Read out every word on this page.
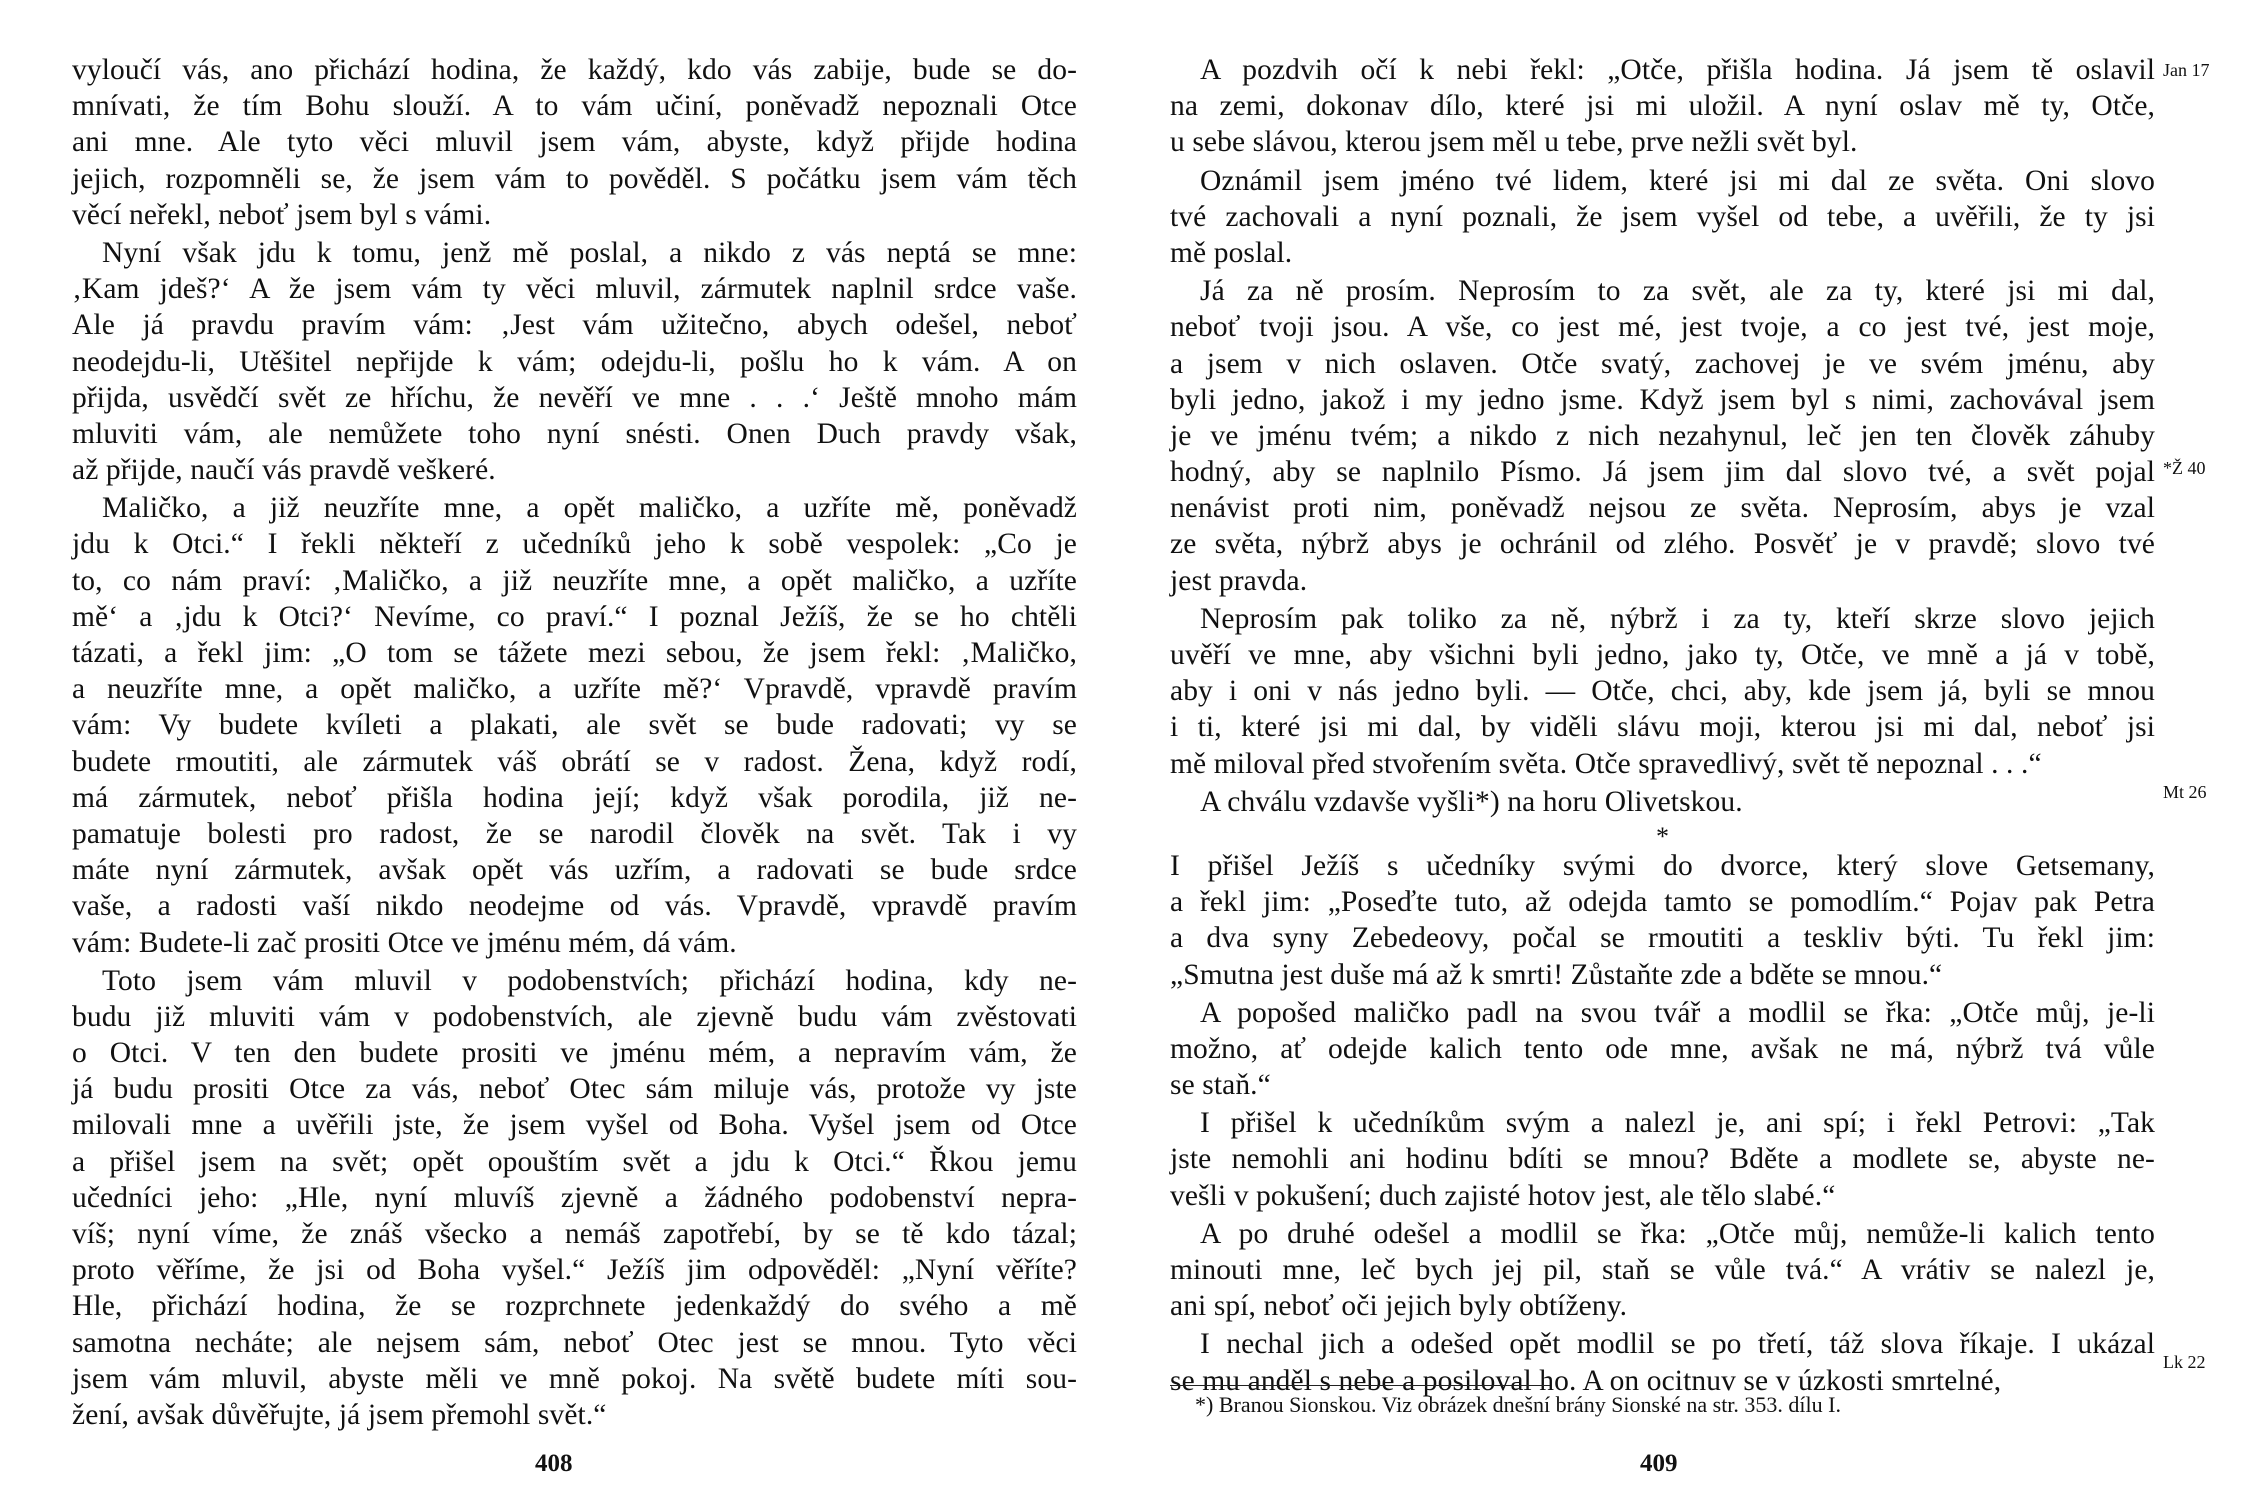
vyloučí vás, ano přichází hodina, že každý, kdo vás zabije, bude se do-
mnívati, že tím Bohu slouží. A to vám učiní, poněvadž nepoznali Otce
ani mne. Ale tyto věci mluvil jsem vám, abyste, když přijde hodina
jejich, rozpomněli se, že jsem vám to pověděl. S počátku jsem vám těch
věcí neřekl, neboť jsem byl s vámi.
Nyní však jdu k tomu, jenž mě poslal, a nikdo z vás neptá se mne:
‚Kam jdeš?‘ A že jsem vám ty věci mluvil, zármutek naplnil srdce vaše.
Ale já pravdu pravím vám: ‚Jest vám užitečno, abych odešel, neboť
neodejdu-li, Utěšitel nepřijde k vám; odejdu-li, pošlu ho k vám. A on
přijda, usvědčí svět ze hříchu, že nevěří ve mne . . .‘ Ještě mnoho mám
mluviti vám, ale nemůžete toho nyní snésti. Onen Duch pravdy však,
až přijde, naučí vás pravdě veškeré.
Maličko, a již neuzříte mne, a opět maličko, a uzříte mě, poněvadž
jdu k Otci.“ I řekli někteří z učedníků jeho k sobě vespolek: „Co je
to, co nám praví: ‚Maličko, a již neuzříte mne, a opět maličko, a uzříte
mě‘ a ‚jdu k Otci?‘ Nevíme, co praví.“ I poznal Ježíš, že se ho chtěli
tázati, a řekl jim: „O tom se tážete mezi sebou, že jsem řekl: ‚Maličko,
a neuzříte mne, a opět maličko, a uzříte mě?‘ Vpravdě, vpravdě pravím
vám: Vy budete kvíleti a plakati, ale svět se bude radovati; vy se
budete rmoutiti, ale zármutek váš obrátí se v radost. Žena, když rodí,
má zármutek, neboť přišla hodina její; když však porodila, již ne-
pamatuje bolesti pro radost, že se narodil člověk na svět. Tak i vy
máte nyní zármutek, avšak opět vás uzřím, a radovati se bude srdce
vaše, a radosti vaší nikdo neodejme od vás. Vpravdě, vpravdě pravím
vám: Budete-li zač prositi Otce ve jménu mém, dá vám.
Toto jsem vám mluvil v podobenstvích; přichází hodina, kdy ne-
budu již mluviti vám v podobenstvích, ale zjevně budu vám zvěstovati
o Otci. V ten den budete prositi ve jménu mém, a nepravím vám, že
já budu prositi Otce za vás, neboť Otec sám miluje vás, protože vy jste
milovali mne a uvěřili jste, že jsem vyšel od Boha. Vyšel jsem od Otce
a přišel jsem na svět; opět opouštím svět a jdu k Otci.“ Řkou jemu
učedníci jeho: „Hle, nyní mluvíš zjevně a žádného podobenství nepra-
víš; nyní víme, že znáš všecko a nemáš zapotřebí, by se tě kdo tázal;
proto věříme, že jsi od Boha vyšel.“ Ježíš jim odpověděl: „Nyní věříte?
Hle, přichází hodina, že se rozprchnete jedenkaždý do svého a mě
samotna necháte; ale nejsem sám, neboť Otec jest se mnou. Tyto věci
jsem vám mluvil, abyste měli ve mně pokoj. Na světě budete míti sou-
žení, avšak důvěřujte, já jsem přemohl svět.“
408
A pozdvih očí k nebi řekl: „Otče, přišla hodina. Já jsem tě oslavil
na zemi, dokonav dílo, které jsi mi uložil. A nyní oslav mě ty, Otče,
u sebe slávou, kterou jsem měl u tebe, prve nežli svět byl.
Oznámil jsem jméno tvé lidem, které jsi mi dal ze světa. Oni slovo
tvé zachovali a nyní poznali, že jsem vyšel od tebe, a uvěřili, že ty jsi
mě poslal.
Já za ně prosím. Neprosím to za svět, ale za ty, které jsi mi dal,
neboť tvoji jsou. A vše, co jest mé, jest tvoje, a co jest tvé, jest moje,
a jsem v nich oslaven. Otče svatý, zachovej je ve svém jménu, aby
byli jedno, jakož i my jedno jsme. Když jsem byl s nimi, zachovával jsem
je ve jménu tvém; a nikdo z nich nezahynul, leč jen ten člověk záhuby
hodný, aby se naplnilo Písmo. Já jsem jim dal slovo tvé, a svět pojal
nenávist proti nim, poněvadž nejsou ze světa. Neprosím, abys je vzal
ze světa, nýbrž abys je ochránil od zlého. Posvěť je v pravdě; slovo tvé
jest pravda.
Neprosím pak toliko za ně, nýbrž i za ty, kteří skrze slovo jejich
uvěří ve mne, aby všichni byli jedno, jako ty, Otče, ve mně a já v tobě,
aby i oni v nás jedno byli. — Otče, chci, aby, kde jsem já, byli se mnou
i ti, které jsi mi dal, by viděli slávu moji, kterou jsi mi dal, neboť jsi
mě miloval před stvořením světa. Otče spravedlivý, svět tě nepoznal . . .“
A chválu vzdavše vyšli*) na horu Olivetskou.
*
I přišel Ježíš s učedníky svými do dvorce, který slove Getsemany,
a řekl jim: „Poseďte tuto, až odejda tamto se pomodlím.“ Pojav pak Petra
a dva syny Zebedeovy, počal se rmoutiti a teskliv býti. Tu řekl jim:
„Smutna jest duše má až k smrti! Zůstaňte zde a bděte se mnou.“
A popošed maličko padl na svou tvář a modlil se řka: „Otče můj, je-li
možno, ať odejde kalich tento ode mne, avšak ne má, nýbrž tvá vůle
se staň.“
I přišel k učedníkům svým a nalezl je, ani spí; i řekl Petrovi: „Tak
jste nemohli ani hodinu bdíti se mnou? Bděte a modlete se, abyste ne-
vešli v pokušení; duch zajisté hotov jest, ale tělo slabé.“
A po druhé odešel a modlil se řka: „Otče můj, nemůže-li kalich tento
minouti mne, leč bych jej pil, staň se vůle tvá.“ A vrátiv se nalezl je,
ani spí, neboť oči jejich byly obtíženy.
I nechal jich a odešed opět modlil se po třetí, táž slova říkaje. I ukázal
se mu anděl s nebe a posiloval ho. A on ocitnuv se v úzkosti smrtelné,
Jan 17
*Ž 40
Mt 26
Lk 22
*) Branou Sionskou. Viz obrázek dnešní brány Sionské na str. 353. dílu I.
409
